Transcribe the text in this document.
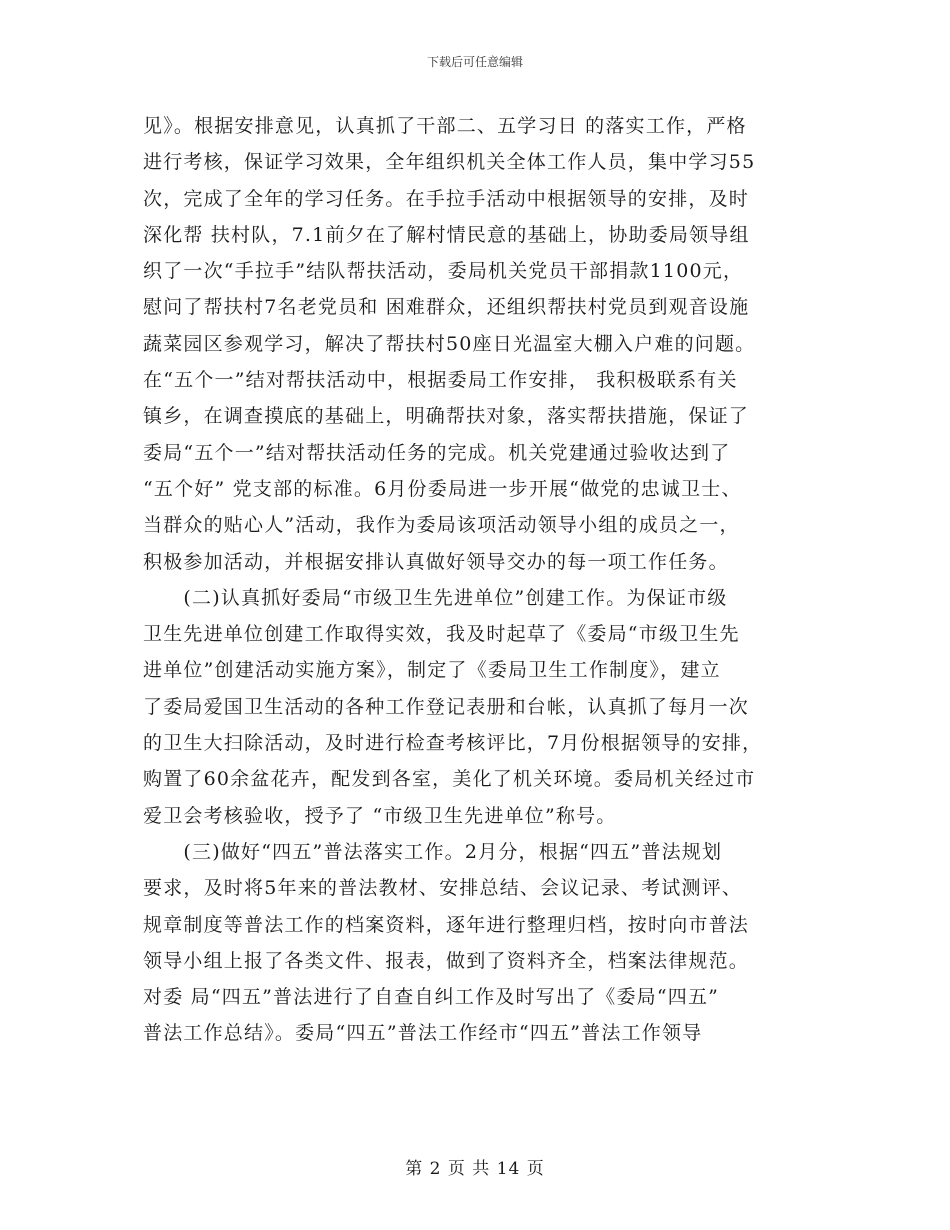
下载后可任意编辑
见》。根据安排意见，认真抓了干部二、五学习日 的落实工作，严格
进行考核，保证学习效果，全年组织机关全体工作人员，集中学习55
次，完成了全年的学习任务。在手拉手活动中根据领导的安排，及时
深化帮 扶村队，7.1前夕在了解村情民意的基础上，协助委局领导组
织了一次“手拉手”结队帮扶活动，委局机关党员干部捐款1100元，
慰问了帮扶村7名老党员和 困难群众，还组织帮扶村党员到观音设施
蔬菜园区参观学习，解决了帮扶村50座日光温室大棚入户难的问题。
在“五个一”结对帮扶活动中，根据委局工作安排， 我积极联系有关
镇乡，在调查摸底的基础上，明确帮扶对象，落实帮扶措施，保证了
委局“五个一”结对帮扶活动任务的完成。机关党建通过验收达到了
“五个好” 党支部的标准。6月份委局进一步开展“做党的忠诚卫士、
当群众的贴心人”活动，我作为委局该项活动领导小组的成员之一，
积极参加活动，并根据安排认真做好领导交办的每一项工作任务。
　　(二)认真抓好委局“市级卫生先进单位”创建工作。为保证市级
卫生先进单位创建工作取得实效，我及时起草了《委局“市级卫生先
进单位”创建活动实施方案》，制定了《委局卫生工作制度》，建立
了委局爱国卫生活动的各种工作登记表册和台帐，认真抓了每月一次
的卫生大扫除活动，及时进行检查考核评比，7月份根据领导的安排，
购置了60余盆花卉，配发到各室，美化了机关环境。委局机关经过市
爱卫会考核验收，授予了 “市级卫生先进单位”称号。
　　(三)做好“四五”普法落实工作。2月分，根据“四五”普法规划
要求，及时将5年来的普法教材、安排总结、会议记录、考试测评、
规章制度等普法工作的档案资料，逐年进行整理归档，按时向市普法
领导小组上报了各类文件、报表，做到了资料齐全，档案法律规范。
对委 局“四五”普法进行了自查自纠工作及时写出了《委局“四五”
普法工作总结》。委局“四五”普法工作经市“四五”普法工作领导
第 2 页 共 14 页
